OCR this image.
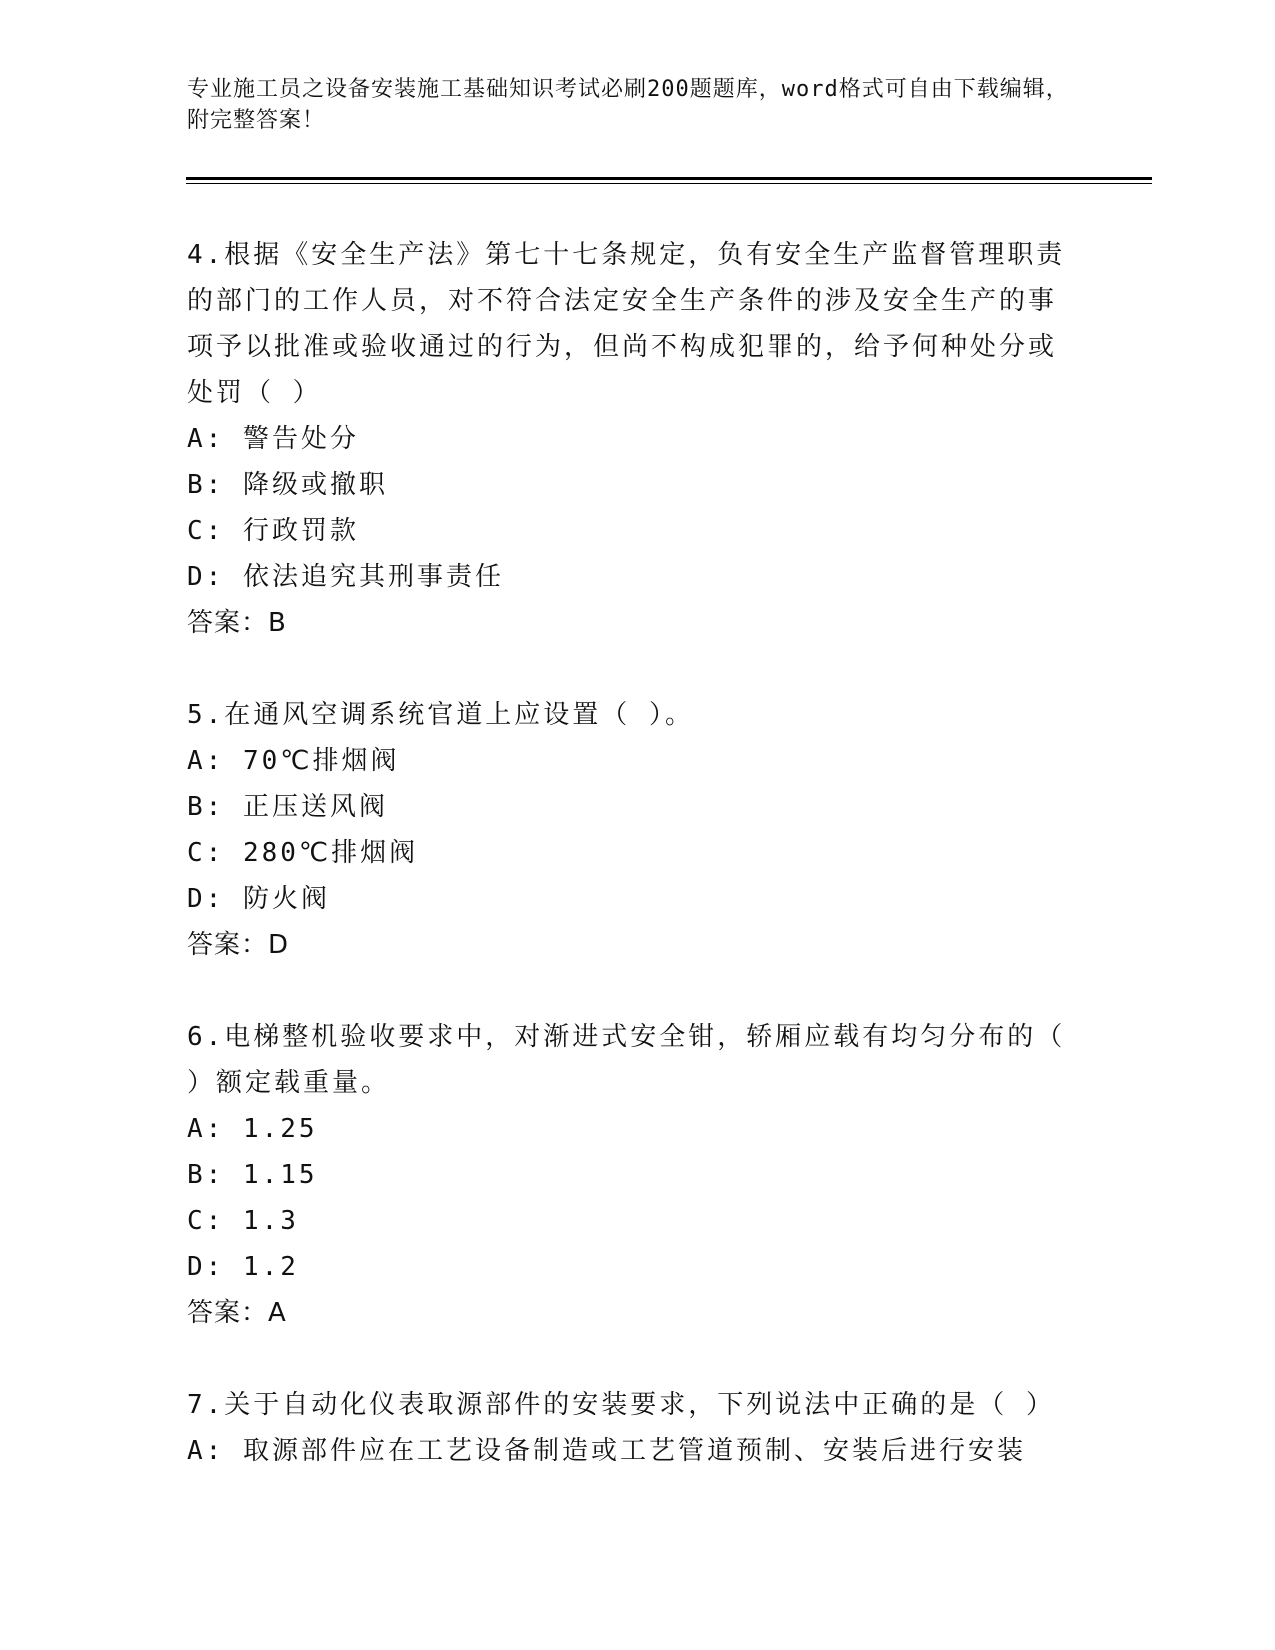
专业施工员之设备安装施工基础知识考试必刷200题题库，word格式可自由下载编辑，附完整答案！

4.根据《安全生产法》第七十七条规定，负有安全生产监督管理职责的部门的工作人员，对不符合法定安全生产条件的涉及安全生产的事项予以批准或验收通过的行为，但尚不构成犯罪的，给予何种处分或处罚（ ）

A: 警告处分

B: 降级或撤职

C: 行政罚款

D: 依法追究其刑事责任

答案：B

5.在通风空调系统官道上应设置（ ）。

A: 70℃排烟阀

B: 正压送风阀

C: 280℃排烟阀

D: 防火阀

答案：D

6.电梯整机验收要求中，对渐进式安全钳，轿厢应载有均匀分布的（ ）额定载重量。

A: 1.25

B: 1.15

C: 1.3

D: 1.2

答案：A

7.关于自动化仪表取源部件的安装要求，下列说法中正确的是（ ）

A: 取源部件应在工艺设备制造或工艺管道预制、安装后进行安装
